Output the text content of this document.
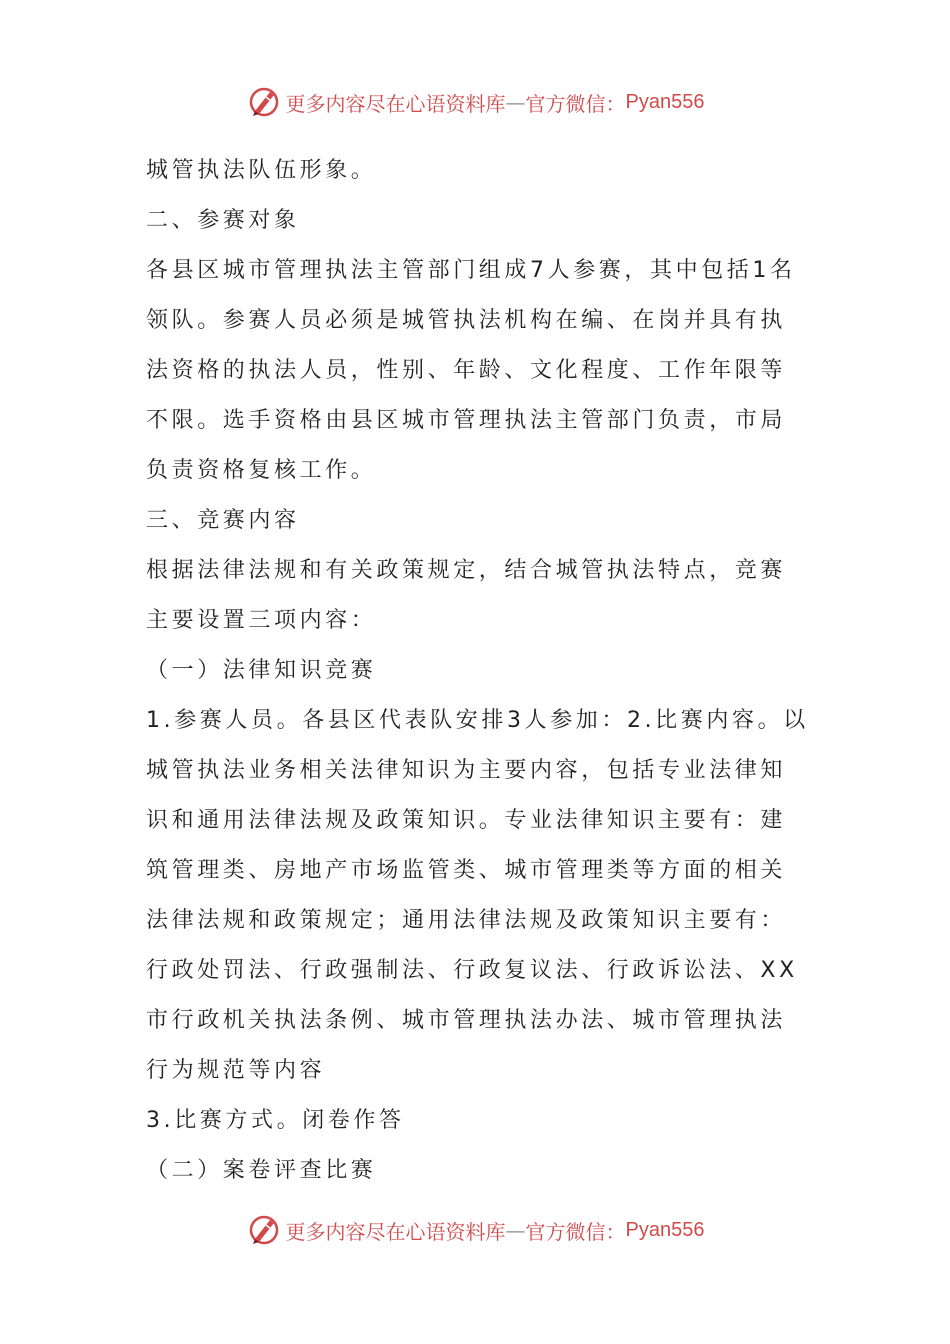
更多内容尽在心语资料库 — 官方微信： Pyan556
城管执法队伍形象。
二、参赛对象
各县区城市管理执法主管部门组成7人参赛，其中包括1名
领队。参赛人员必须是城管执法机构在编、在岗并具有执
法资格的执法人员，性别、年龄、文化程度、工作年限等
不限。选手资格由县区城市管理执法主管部门负责，市局
负责资格复核工作。
三、竞赛内容
根据法律法规和有关政策规定，结合城管执法特点，竞赛
主要设置三项内容：
（一）法律知识竞赛
1.参赛人员。各县区代表队安排3人参加：2.比赛内容。以
城管执法业务相关法律知识为主要内容，包括专业法律知
识和通用法律法规及政策知识。专业法律知识主要有：建
筑管理类、房地产市场监管类、城市管理类等方面的相关
法律法规和政策规定；通用法律法规及政策知识主要有：
行政处罚法、行政强制法、行政复议法、行政诉讼法、XX
市行政机关执法条例、城市管理执法办法、城市管理执法
行为规范等内容
3.比赛方式。闭卷作答
（二）案卷评查比赛
更多内容尽在心语资料库 — 官方微信： Pyan556
